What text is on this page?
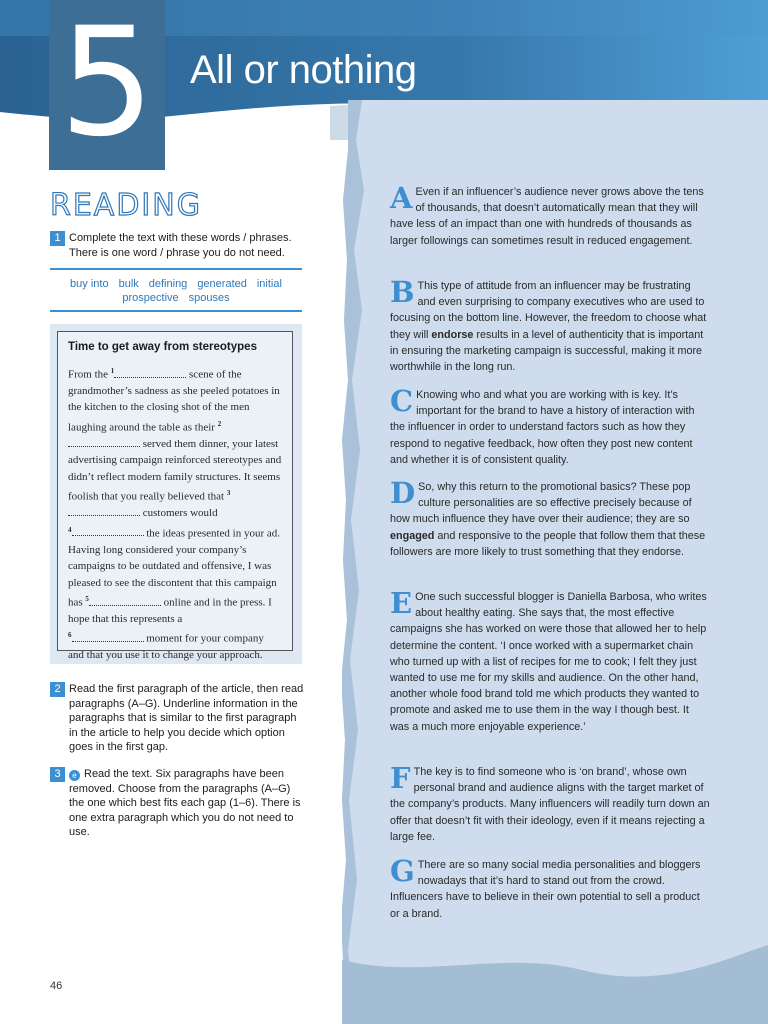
5 All or nothing
READING
1 Complete the text with these words / phrases. There is one word / phrase you do not need.
buy into bulk defining generated initial
prospective spouses
Time to get away from stereotypes
From the $^1$	scene of the grandmother’s sadness as she peeled potatoes in the kitchen to the closing shot of the men laughing around the table as their $^2$ served them dinner, your latest advertising campaign reinforced stereotypes and didn’t reflect modern family structures. It seems foolish that you really believed that $^3$ customers would
$^4$	the ideas presented in your ad. Having long considered your company’s campaigns to be outdated and offensive, I was pleased to see the discontent that this campaign has $^5$	online and in the press. I hope that this represents a
$^6$	moment for your company and that you use it to change your approach.
2 Read the first paragraph of the article, then read paragraphs (A–G). Underline information in the paragraphs that is similar to the first paragraph in the article to help you decide which option goes in the first gap.
3	e Read the text. Six paragraphs have been removed. Choose from the paragraphs (A–G) the one which best fits each gap (1–6). There is one extra paragraph which you do not need to use.
A Even if an influencer’s audience never grows above the tens of thousands, that doesn’t automatically mean that they will have less of an impact than one with hundreds of thousands as larger followings can sometimes result in reduced engagement.
B This type of attitude from an influencer may be frustrating and even surprising to company executives who are used to focusing on the bottom line. However, the freedom to choose what they will endorse results in a level of authenticity that is important in ensuring the marketing campaign is successful, making it more worthwhile in the long run.
C Knowing who and what you are working with is key. It’s important for the brand to have a history of interaction with the influencer in order to understand factors such as how they respond to negative feedback, how often they post new content and whether it is of consistent quality.
D So, why this return to the promotional basics? These pop culture personalities are so effective precisely because of how much influence they have over their audience; they are so engaged and responsive to the people that follow them that these followers are more likely to trust something that they endorse.
E One such successful blogger is Daniella Barbosa, who writes about healthy eating. She says that, the most effective campaigns she has worked on were those that allowed her to help determine the content. ‘I once worked with a supermarket chain who turned up with a list of recipes for me to cook; I felt they just wanted to use me for my skills and audience. On the other hand, another whole food brand told me which products they wanted to promote and asked me to use them in the way I though best. It was a much more enjoyable experience.’
F The key is to find someone who is ‘on brand’, whose own personal brand and audience aligns with the target market of the company’s products. Many influencers will readily turn down an offer that doesn’t fit with their ideology, even if it means rejecting a large fee.
G There are so many social media personalities and bloggers nowadays that it’s hard to stand out from the crowd. Influencers have to believe in their own potential to sell a product or a brand.
46
